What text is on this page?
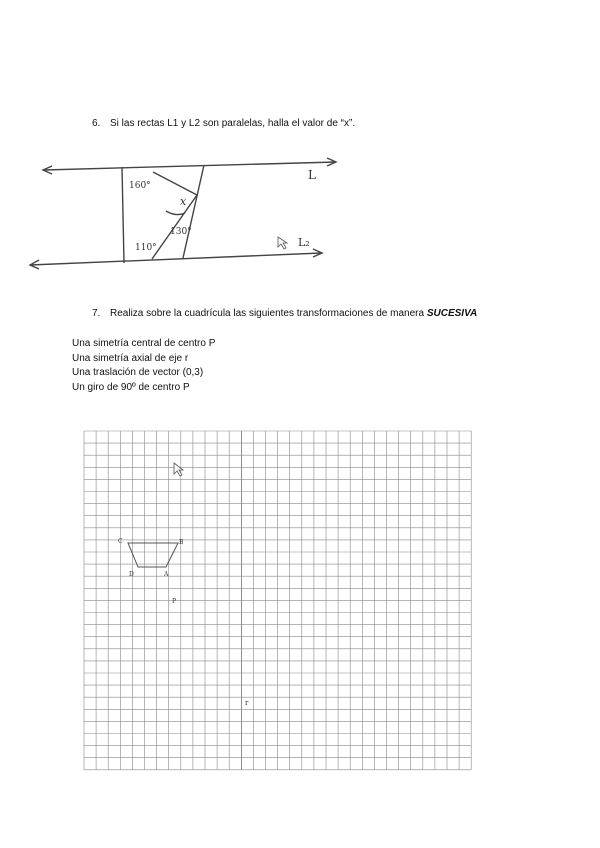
6. Si las rectas L1 y L2 son paralelas, halla el valor de “x”.
160°
x
130°
110°
L
L₂
7. Realiza sobre la cuadrícula las siguientes transformaciones de manera SUCESIVA
Una simetría central de centro P
Una simetría axial de eje r
Una traslación de vector (0,3)
Un giro de 90º de centro P
C	B
D	A
P
r
